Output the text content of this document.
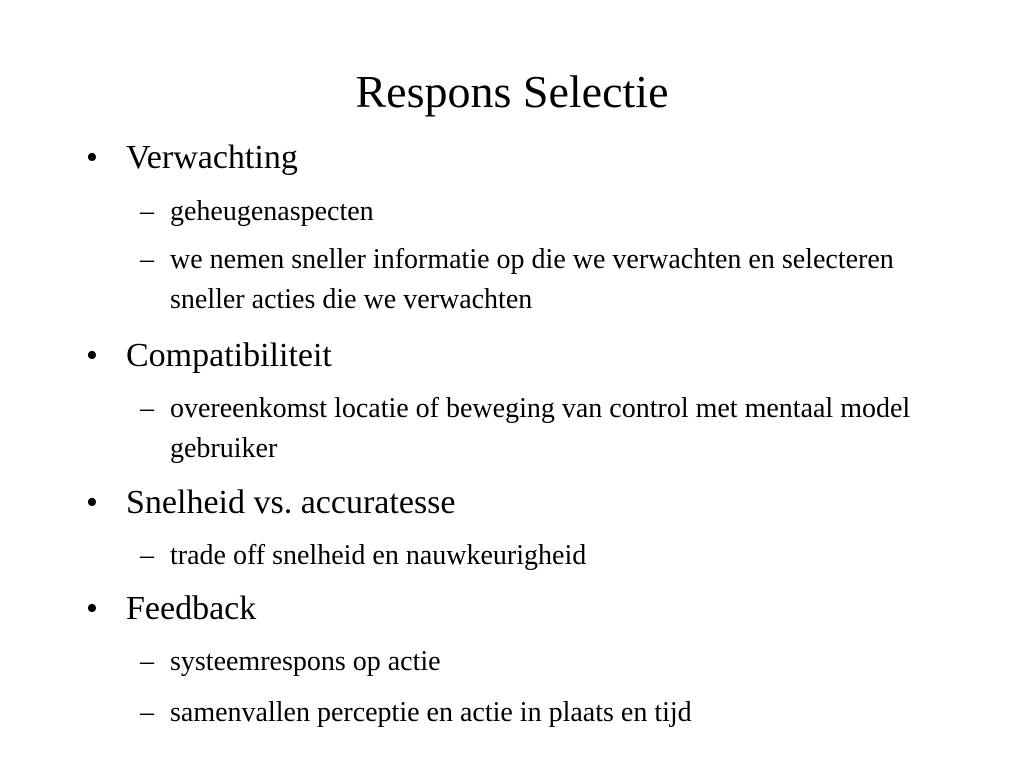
Respons Selectie
• Verwachting
– geheugenaspecten
– we nemen sneller informatie op die we verwachten en selecteren sneller acties die we verwachten
• Compatibiliteit
– overeenkomst locatie of beweging van control met mentaal model gebruiker
• Snelheid vs. accuratesse
– trade off snelheid en nauwkeurigheid
• Feedback
– systeemrespons op actie
– samenvallen perceptie en actie in plaats en tijd
